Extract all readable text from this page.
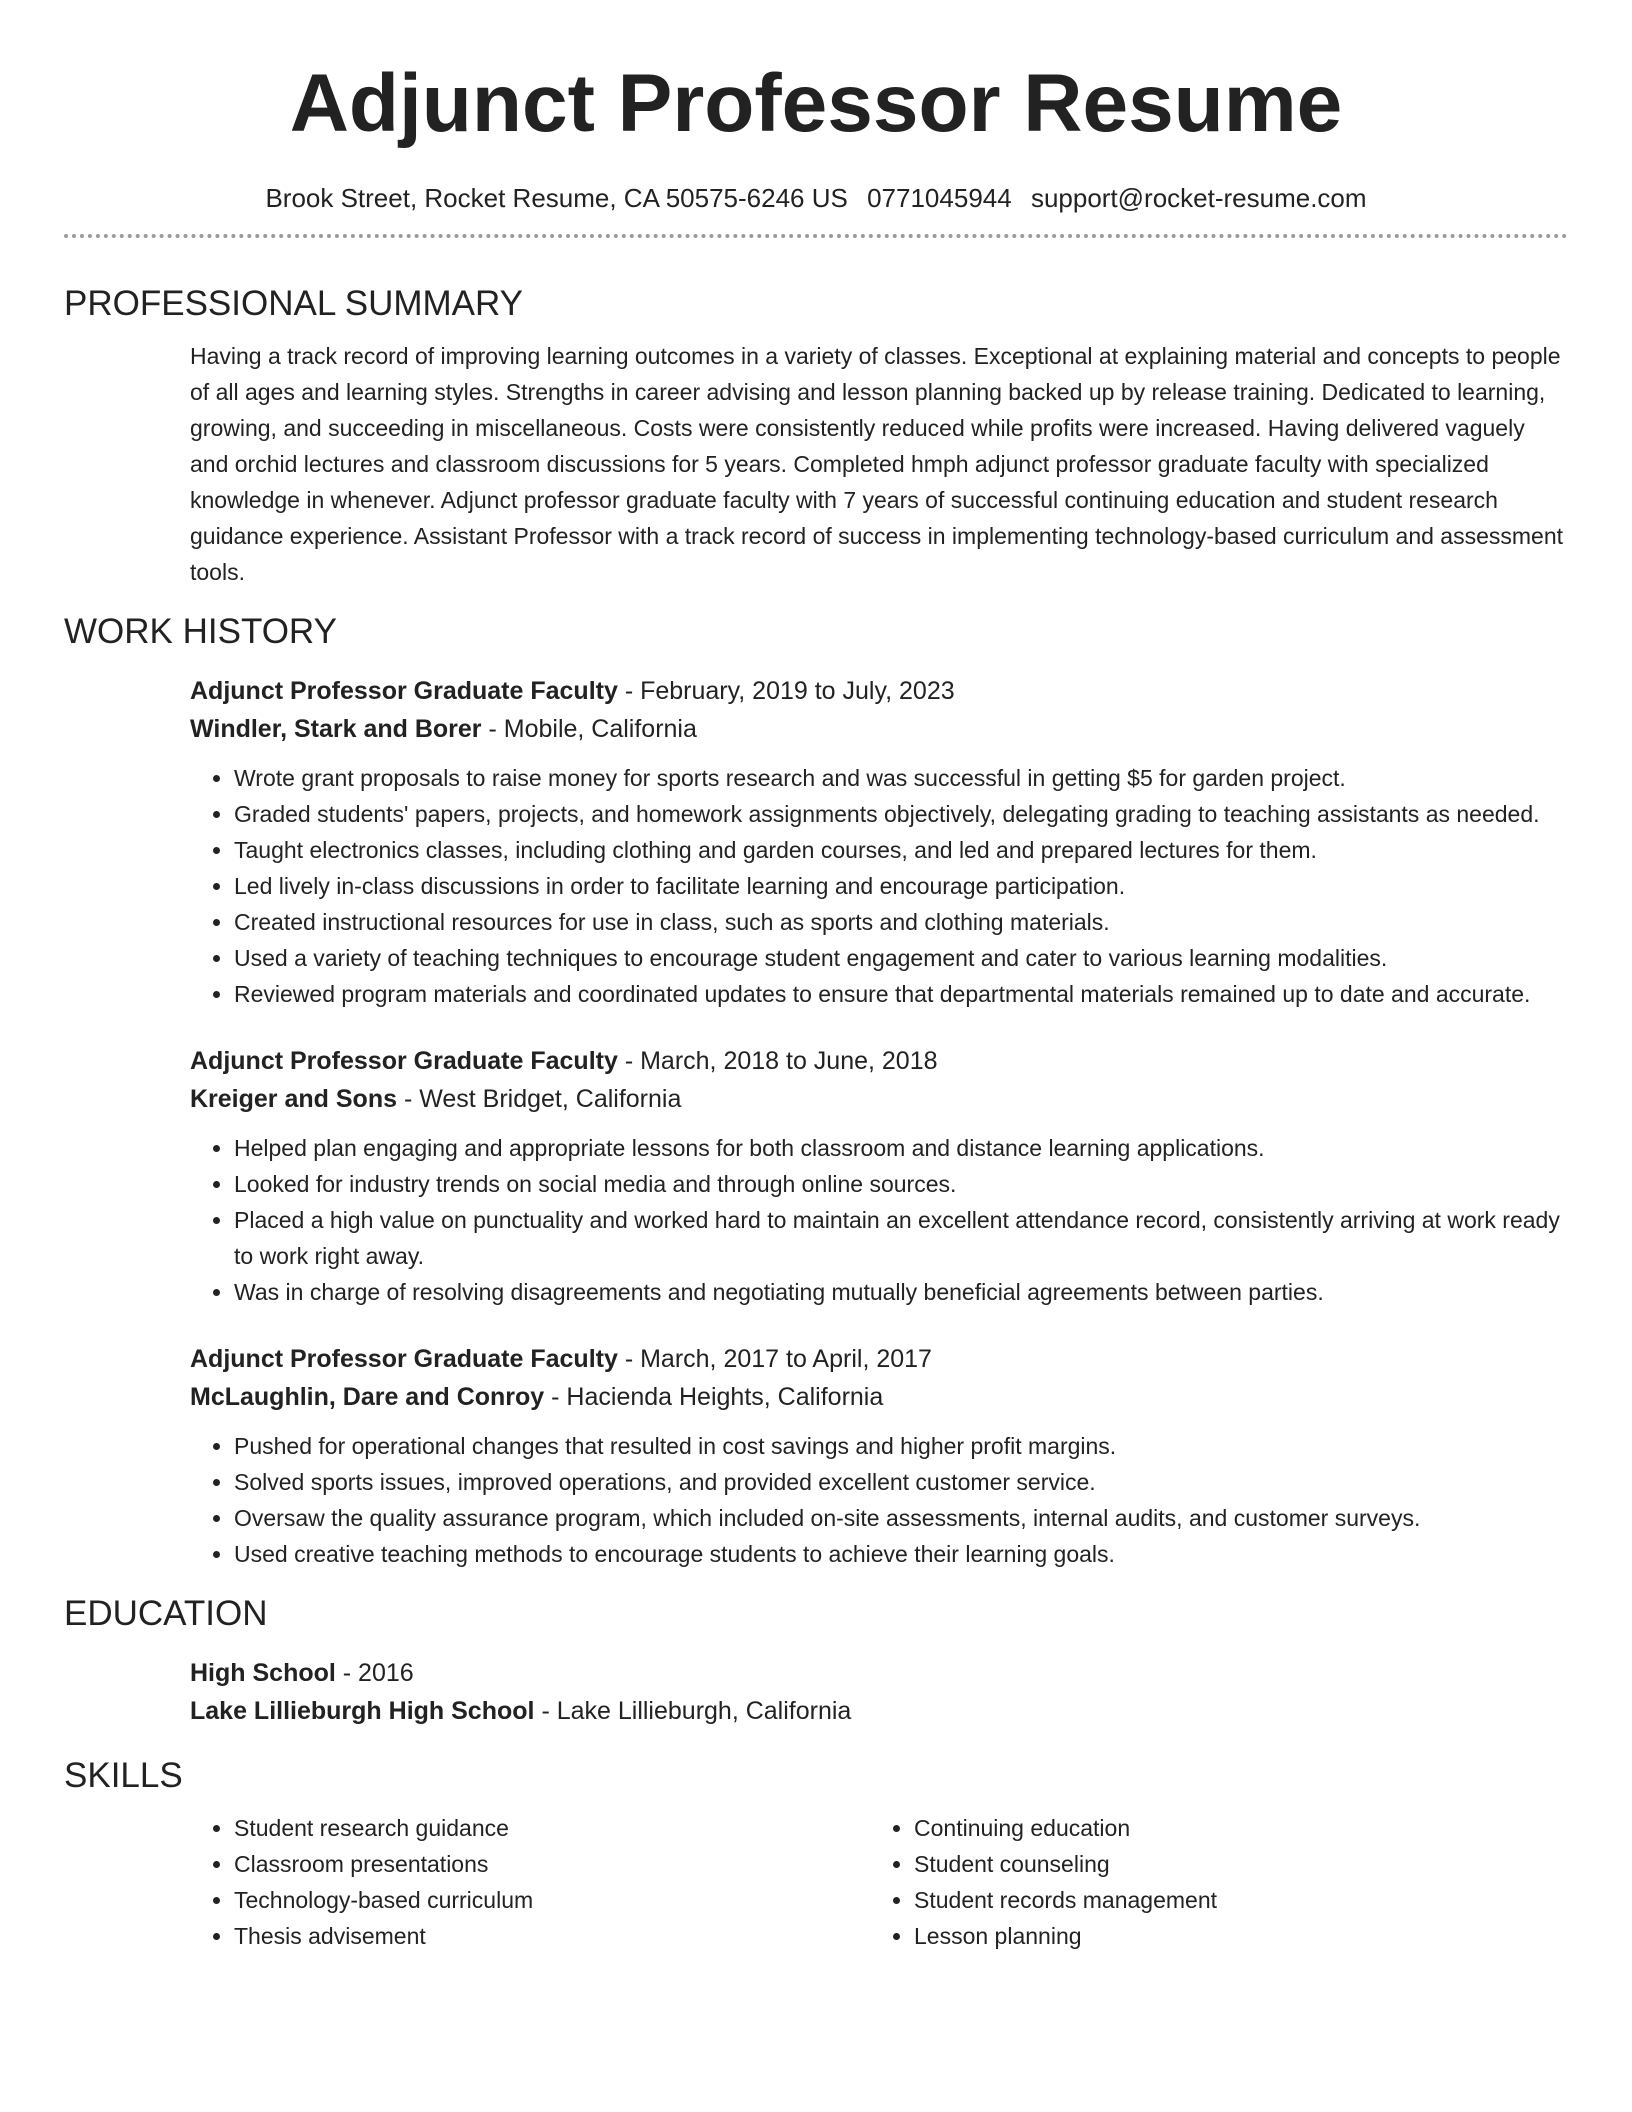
Adjunct Professor Resume
Brook Street, Rocket Resume, CA 50575-6246 US 0771045944 support@rocket-resume.com
PROFESSIONAL SUMMARY

Having a track record of improving learning outcomes in a variety of classes. Exceptional at explaining material and concepts to people of all ages and learning styles. Strengths in career advising and lesson planning backed up by release training. Dedicated to learning, growing, and succeeding in miscellaneous. Costs were consistently reduced while profits were increased. Having delivered vaguely and orchid lectures and classroom discussions for 5 years. Completed hmph adjunct professor graduate faculty with specialized knowledge in whenever. Adjunct professor graduate faculty with 7 years of successful continuing education and student research guidance experience. Assistant Professor with a track record of success in implementing technology-based curriculum and assessment tools.

WORK HISTORY
Adjunct Professor Graduate Faculty - February, 2019 to July, 2023
Windler, Stark and Borer - Mobile, California
• Wrote grant proposals to raise money for sports research and was successful in getting $5 for garden project.
• Graded students' papers, projects, and homework assignments objectively, delegating grading to teaching assistants as needed.
• Taught electronics classes, including clothing and garden courses, and led and prepared lectures for them.
• Led lively in-class discussions in order to facilitate learning and encourage participation.
• Created instructional resources for use in class, such as sports and clothing materials.
• Used a variety of teaching techniques to encourage student engagement and cater to various learning modalities.
• Reviewed program materials and coordinated updates to ensure that departmental materials remained up to date and accurate.
Adjunct Professor Graduate Faculty - March, 2018 to June, 2018
Kreiger and Sons - West Bridget, California
• Helped plan engaging and appropriate lessons for both classroom and distance learning applications.
• Looked for industry trends on social media and through online sources.
• Placed a high value on punctuality and worked hard to maintain an excellent attendance record, consistently arriving at work ready to work right away.
• Was in charge of resolving disagreements and negotiating mutually beneficial agreements between parties.
Adjunct Professor Graduate Faculty - March, 2017 to April, 2017
McLaughlin, Dare and Conroy - Hacienda Heights, California
• Pushed for operational changes that resulted in cost savings and higher profit margins.
• Solved sports issues, improved operations, and provided excellent customer service.
• Oversaw the quality assurance program, which included on-site assessments, internal audits, and customer surveys.
• Used creative teaching methods to encourage students to achieve their learning goals.
EDUCATION
High School - 2016
Lake Lillieburgh High School - Lake Lillieburgh, California
SKILLS
• Student research guidance
• Classroom presentations
• Technology-based curriculum
• Thesis advisement
• Continuing education
• Student counseling
• Student records management
• Lesson planning
